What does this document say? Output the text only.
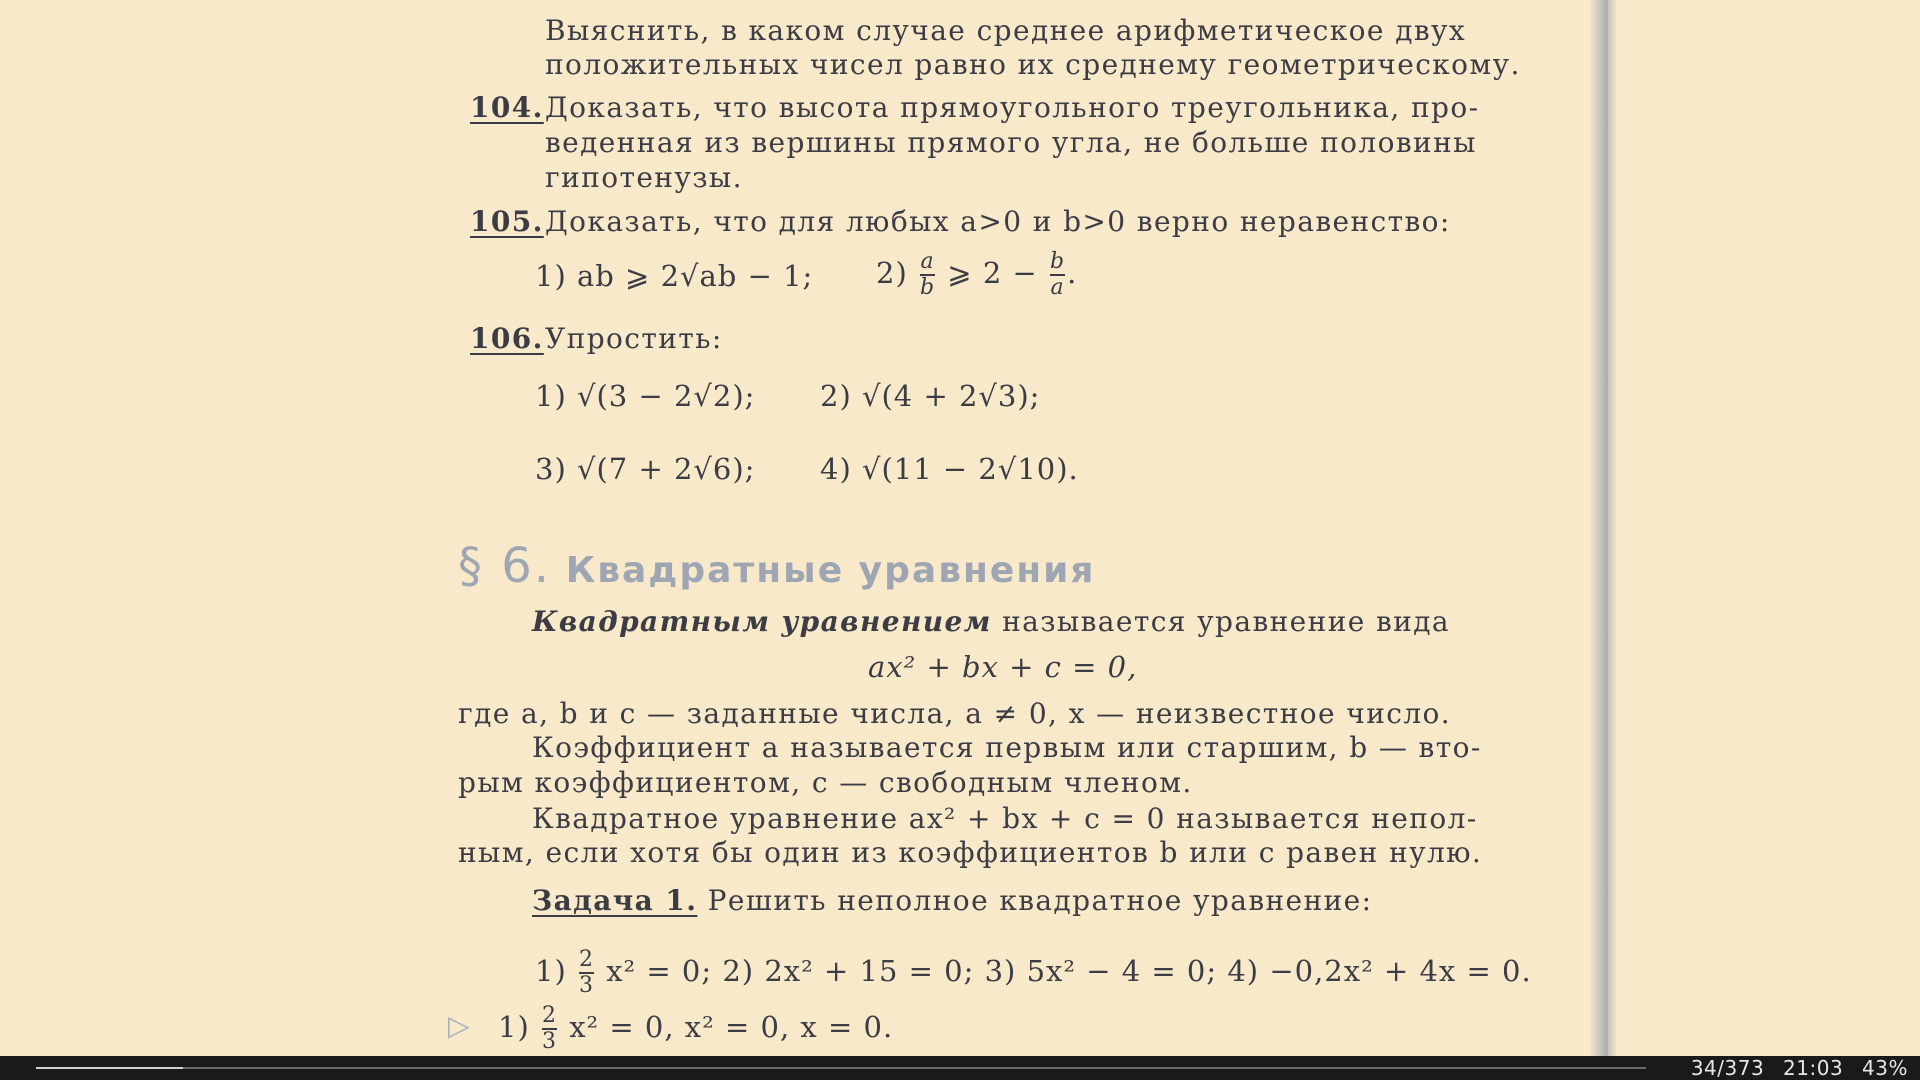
Выяснить, в каком случае среднее арифметическое двух
положительных чисел равно их среднему геометрическому.
104. Доказать, что высота прямоугольного треугольника, про-
веденная из вершины прямого угла, не больше половины
гипотенузы.
105. Доказать, что для любых a>0 и b>0 верно неравенство:
1) ab ⩾ 2√ab − 1; $2) \frac{a}{b}$ ⩾ $2 - \frac{b}{a}$ .
106. Упростить:
1) √(3 − 2√2); 2) √(4 + 2√3);
3) √(7 + 2√6); 4) √(11 − 2√10).
§ 6. Квадратные уравнения
Квадратным уравнением называется уравнение вида
ax² + bx + c = 0,
где a, b и c — заданные числа, a ≠ 0, x — неизвестное число.
Коэффициент a называется первым или старшим, b — вто-
рым коэффициентом, c — свободным членом.
Квадратное уравнение ax² + bx + c = 0 называется непол-
ным, если хотя бы один из коэффициентов b или c равен нулю.
Задача 1. Решить неполное квадратное уравнение:
1) 2
3 x² = 0; 2) 2x² + 15 = 0; 3) 5x² − 4 = 0; 4) −0,2x² + 4x = 0.
▷ 1) 2
3 x² = 0, x² = 0, x = 0.
34/373 21:03 43%
